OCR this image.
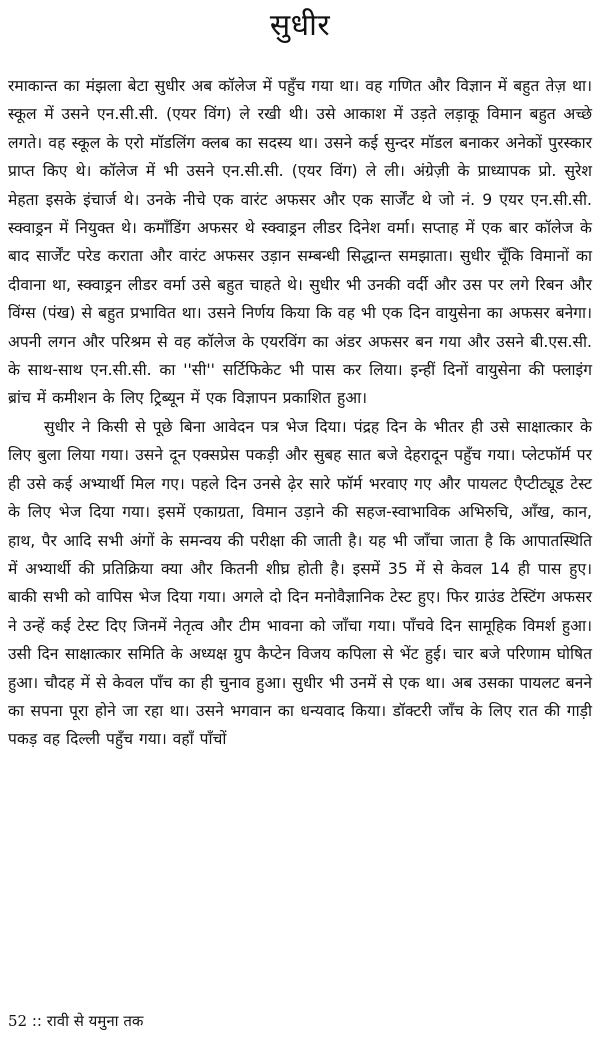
सुधीर

रमाकान्त का मंझला बेटा सुधीर अब कॉलेज में पहुँच गया था। वह गणित और विज्ञान में बहुत तेज़ था। स्कूल में उसने एन.सी.सी. (एयर विंग) ले रखी थी। उसे आकाश में उड़ते लड़ाकू विमान बहुत अच्छे लगते। वह स्कूल के एरो मॉडलिंग क्लब का सदस्य था। उसने कई सुन्दर मॉडल बनाकर अनेकों पुरस्कार प्राप्त किए थे। कॉलेज में भी उसने एन.सी.सी. (एयर विंग) ले ली। अंग्रेज़ी के प्राध्यापक प्रो. सुरेश मेहता इसके इंचार्ज थे। उनके नीचे एक वारंट अफसर और एक सार्जेंट थे जो नं. 9 एयर एन.सी.सी. स्क्वाड्रन में नियुक्त थे। कमाँडिंग अफसर थे स्क्वाड्रन लीडर दिनेश वर्मा। सप्ताह में एक बार कॉलेज के बाद सार्जेंट परेड कराता और वारंट अफसर उड़ान सम्बन्धी सिद्धान्त समझाता। सुधीर चूँकि विमानों का दीवाना था, स्क्वाड्रन लीडर वर्मा उसे बहुत चाहते थे। सुधीर भी उनकी वर्दी और उस पर लगे रिबन और विंग्स (पंख) से बहुत प्रभावित था। उसने निर्णय किया कि वह भी एक दिन वायुसेना का अफसर बनेगा। अपनी लगन और परिश्रम से वह कॉलेज के एयरविंग का अंडर अफसर बन गया और उसने बी.एस.सी. के साथ-साथ एन.सी.सी. का ''सी'' सर्टिफिकेट भी पास कर लिया। इन्हीं दिनों वायुसेना की फ्लाइंग ब्रांच में कमीशन के लिए ट्रिब्यून में एक विज्ञापन प्रकाशित हुआ।

सुधीर ने किसी से पूछे बिना आवेदन पत्र भेज दिया। पंद्रह दिन के भीतर ही उसे साक्षात्कार के लिए बुला लिया गया। उसने दून एक्सप्रेस पकड़ी और सुबह सात बजे देहरादून पहुँच गया। प्लेटफॉर्म पर ही उसे कई अभ्यार्थी मिल गए। पहले दिन उनसे ढ़ेर सारे फॉर्म भरवाए गए और पायलट एैप्टीट्यूड टेस्ट के लिए भेज दिया गया। इसमें एकाग्रता, विमान उड़ाने की सहज-स्वाभाविक अभिरुचि, आँख, कान, हाथ, पैर आदि सभी अंगों के समन्वय की परीक्षा की जाती है। यह भी जाँचा जाता है कि आपातस्थिति में अभ्यार्थी की प्रतिक्रिया क्या और कितनी शीघ्र होती है। इसमें 35 में से केवल 14 ही पास हुए। बाकी सभी को वापिस भेज दिया गया। अगले दो दिन मनोवैज्ञानिक टेस्ट हुए। फिर ग्राउंड टेस्टिंग अफसर ने उन्हें कई टेस्ट दिए जिनमें नेतृत्व और टीम भावना को जाँचा गया। पाँचवे दिन सामूहिक विमर्श हुआ। उसी दिन साक्षात्कार समिति के अध्यक्ष ग्रुप कैप्टेन विजय कपिला से भेंट हुई। चार बजे परिणाम घोषित हुआ। चौदह में से केवल पाँच का ही चुनाव हुआ। सुधीर भी उनमें से एक था। अब उसका पायलट बनने का सपना पूरा होने जा रहा था। उसने भगवान का धन्यवाद किया। डॉक्टरी जाँच के लिए रात की गाड़ी पकड़ वह दिल्ली पहुँच गया। वहाँ पाँचों

52 :: रावी से यमुना तक
